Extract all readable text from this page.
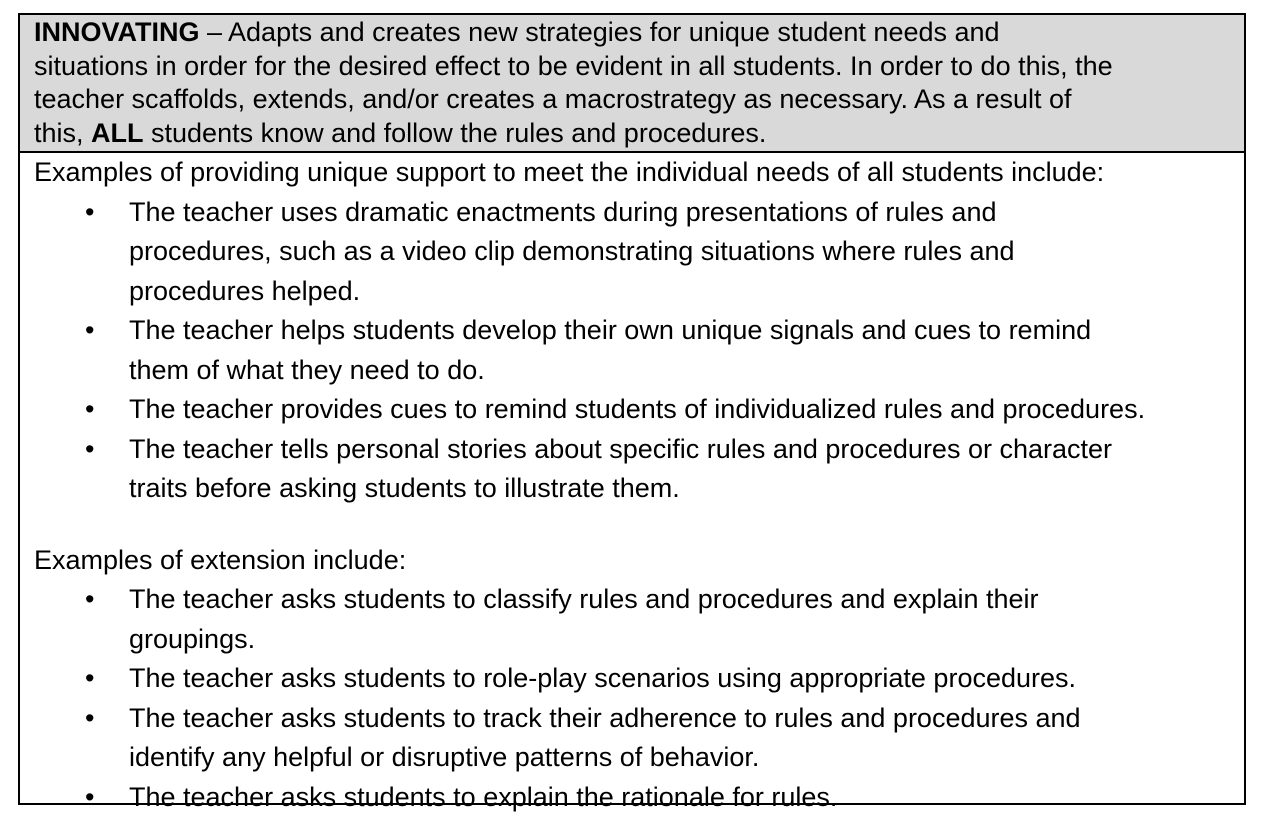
INNOVATING – Adapts and creates new strategies for unique student needs and
situations in order for the desired effect to be evident in all students. In order to do this, the
teacher scaffolds, extends, and/or creates a macrostrategy as necessary. As a result of
this, ALL students know and follow the rules and procedures.
Examples of providing unique support to meet the individual needs of all students include:
• The teacher uses dramatic enactments during presentations of rules and
procedures, such as a video clip demonstrating situations where rules and
procedures helped.
• The teacher helps students develop their own unique signals and cues to remind
them of what they need to do.
• The teacher provides cues to remind students of individualized rules and procedures.
• The teacher tells personal stories about specific rules and procedures or character
traits before asking students to illustrate them.
Examples of extension include:
• The teacher asks students to classify rules and procedures and explain their
groupings.
• The teacher asks students to role-play scenarios using appropriate procedures.
• The teacher asks students to track their adherence to rules and procedures and
identify any helpful or disruptive patterns of behavior.
• The teacher asks students to explain the rationale for rules.
